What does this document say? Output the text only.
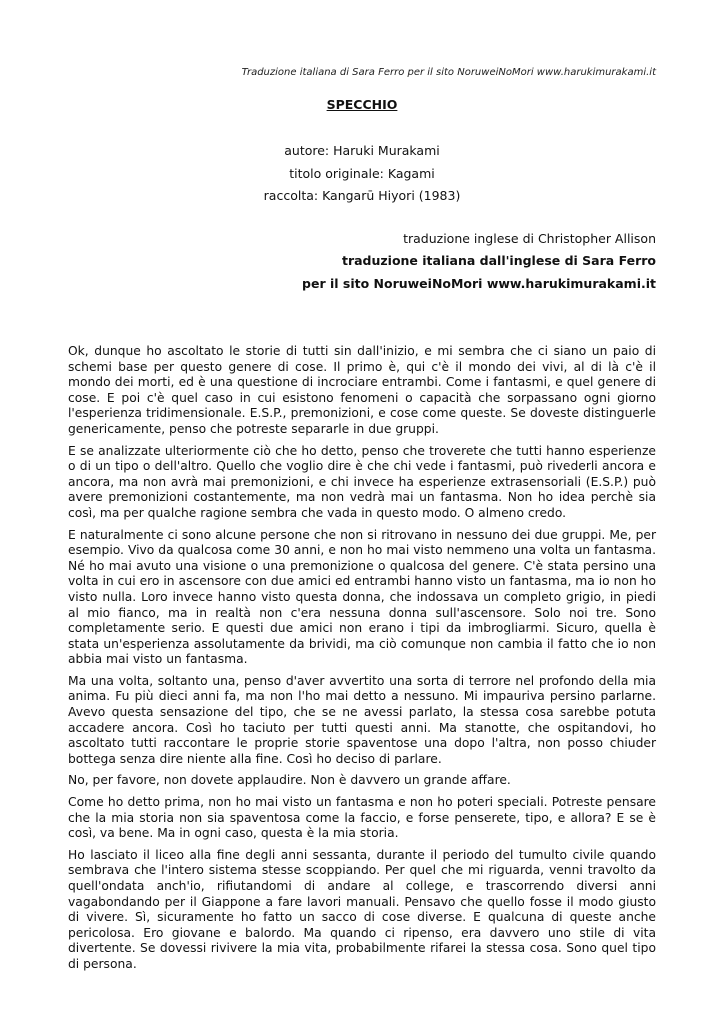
Traduzione italiana di Sara Ferro per il sito NoruweiNoMori www.harukimurakami.it
SPECCHIO
autore: Haruki Murakami
titolo originale: Kagami
raccolta: Kangarū Hiyori (1983)
traduzione inglese di Christopher Allison
traduzione italiana dall'inglese di Sara Ferro
per il sito NoruweiNoMori www.harukimurakami.it

Ok, dunque ho ascoltato le storie di tutti sin dall'inizio, e mi sembra che ci siano un paio di schemi base per questo genere di cose. Il primo è, qui c'è il mondo dei vivi, al di là c'è il mondo dei morti, ed è una questione di incrociare entrambi. Come i fantasmi, e quel genere di cose. E poi c'è quel caso in cui esistono fenomeni o capacità che sorpassano ogni giorno l'esperienza tridimensionale. E.S.P., premonizioni, e cose come queste. Se doveste distinguerle genericamente, penso che potreste separarle in due gruppi.

E se analizzate ulteriormente ciò che ho detto, penso che troverete che tutti hanno esperienze o di un tipo o dell'altro. Quello che voglio dire è che chi vede i fantasmi, può rivederli ancora e ancora, ma non avrà mai premonizioni, e chi invece ha esperienze extrasensoriali (E.S.P.) può avere premonizioni costantemente, ma non vedrà mai un fantasma. Non ho idea perchè sia così, ma per qualche ragione sembra che vada in questo modo. O almeno credo.

E naturalmente ci sono alcune persone che non si ritrovano in nessuno dei due gruppi. Me, per esempio. Vivo da qualcosa come 30 anni, e non ho mai visto nemmeno una volta un fantasma. Né ho mai avuto una visione o una premonizione o qualcosa del genere. C'è stata persino una volta in cui ero in ascensore con due amici ed entrambi hanno visto un fantasma, ma io non ho visto nulla. Loro invece hanno visto questa donna, che indossava un completo grigio, in piedi al mio fianco, ma in realtà non c'era nessuna donna sull'ascensore. Solo noi tre. Sono completamente serio. E questi due amici non erano i tipi da imbrogliarmi. Sicuro, quella è stata un'esperienza assolutamente da brividi, ma ciò comunque non cambia il fatto che io non abbia mai visto un fantasma.

Ma una volta, soltanto una, penso d'aver avvertito una sorta di terrore nel profondo della mia anima. Fu più dieci anni fa, ma non l'ho mai detto a nessuno. Mi impauriva persino parlarne. Avevo questa sensazione del tipo, che se ne avessi parlato, la stessa cosa sarebbe potuta accadere ancora. Così ho taciuto per tutti questi anni. Ma stanotte, che ospitandovi, ho ascoltato tutti raccontare le proprie storie spaventose una dopo l'altra, non posso chiuder bottega senza dire niente alla fine. Così ho deciso di parlare.

No, per favore, non dovete applaudire. Non è davvero un grande affare.

Come ho detto prima, non ho mai visto un fantasma e non ho poteri speciali. Potreste pensare che la mia storia non sia spaventosa come la faccio, e forse penserete, tipo, e allora? E se è così, va bene. Ma in ogni caso, questa è la mia storia.

Ho lasciato il liceo alla fine degli anni sessanta, durante il periodo del tumulto civile quando sembrava che l'intero sistema stesse scoppiando. Per quel che mi riguarda, venni travolto da quell'ondata anch'io, rifiutandomi di andare al college, e trascorrendo diversi anni vagabondando per il Giappone a fare lavori manuali. Pensavo che quello fosse il modo giusto di vivere. Sì, sicuramente ho fatto un sacco di cose diverse. E qualcuna di queste anche pericolosa. Ero giovane e balordo. Ma quando ci ripenso, era davvero uno stile di vita divertente. Se dovessi rivivere la mia vita, probabilmente rifarei la stessa cosa. Sono quel tipo di persona.
